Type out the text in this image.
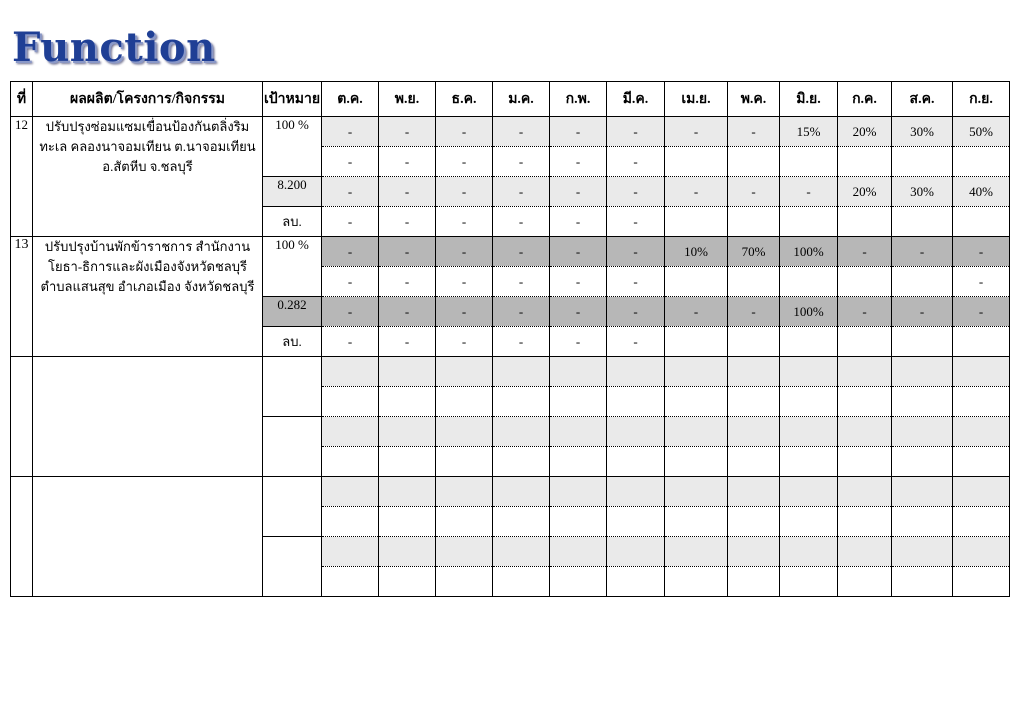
Function
ที่	ผลผลิต/โครงการ/กิจกรรม	เป้าหมาย	ต.ค.	พ.ย.	ธ.ค.	ม.ค.	ก.พ.	มี.ค.	เม.ย.	พ.ค.	มิ.ย.	ก.ค.	ส.ค.	ก.ย.
12	ปรับปรุงซ่อมแซมเขื่อนป้องกันตลิ่งริมทะเล คลองนาจอมเทียน ต.นาจอมเทียน อ.สัตหีบ จ.ชลบุรี	100 %	-	-	-	-	-	-	-	-	15%	20%	30%	50%
			-	-	-	-	-	-						
		8.200	-	-	-	-	-	-	-	-	-	20%	30%	40%
		ลบ.	-	-	-	-	-	-						
13	ปรับปรุงบ้านพักข้าราชการ สำนักงานโยธา-ธิการและผังเมืองจังหวัดชลบุรี ตำบลแสนสุข อำเภอเมือง จังหวัดชลบุรี	100 %	-	-	-	-	-	-	10%	70%	100%	-	-	-
			-	-	-	-	-	-						-
		0.282	-	-	-	-	-	-	-	-	100%	-	-	-
		ลบ.	-	-	-	-	-	-						
